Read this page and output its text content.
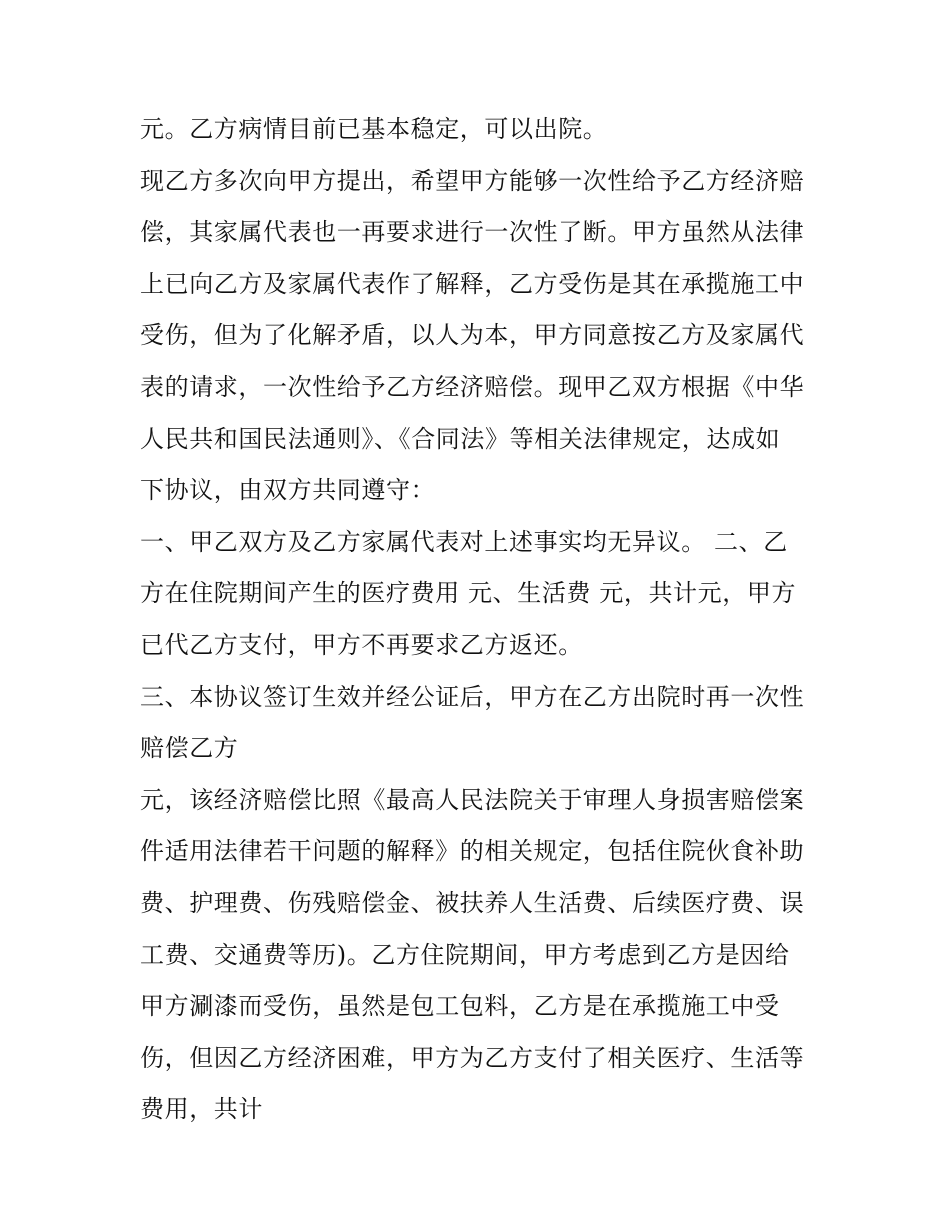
元。乙方病情目前已基本稳定，可以出院。
现乙方多次向甲方提出，希望甲方能够一次性给予乙方经济赔
偿，其家属代表也一再要求进行一次性了断。甲方虽然从法律
上已向乙方及家属代表作了解释，乙方受伤是其在承揽施工中
受伤，但为了化解矛盾，以人为本，甲方同意按乙方及家属代
表的请求，一次性给予乙方经济赔偿。现甲乙双方根据《中华
人民共和国民法通则》、《合同法》等相关法律规定，达成如
下协议，由双方共同遵守：
一、甲乙双方及乙方家属代表对上述事实均无异议。 二、乙
方在住院期间产生的医疗费用 元、生活费 元，共计元，甲方
已代乙方支付，甲方不再要求乙方返还。
三、本协议签订生效并经公证后，甲方在乙方出院时再一次性
赔偿乙方
元，该经济赔偿比照《最高人民法院关于审理人身损害赔偿案
件适用法律若干问题的解释》的相关规定，包括住院伙食补助
费、护理费、伤残赔偿金、被扶养人生活费、后续医疗费、误
工费、交通费等历)。乙方住院期间，甲方考虑到乙方是因给
甲方涮漆而受伤，虽然是包工包料，乙方是在承揽施工中受
伤，但因乙方经济困难，甲方为乙方支付了相关医疗、生活等
费用，共计
